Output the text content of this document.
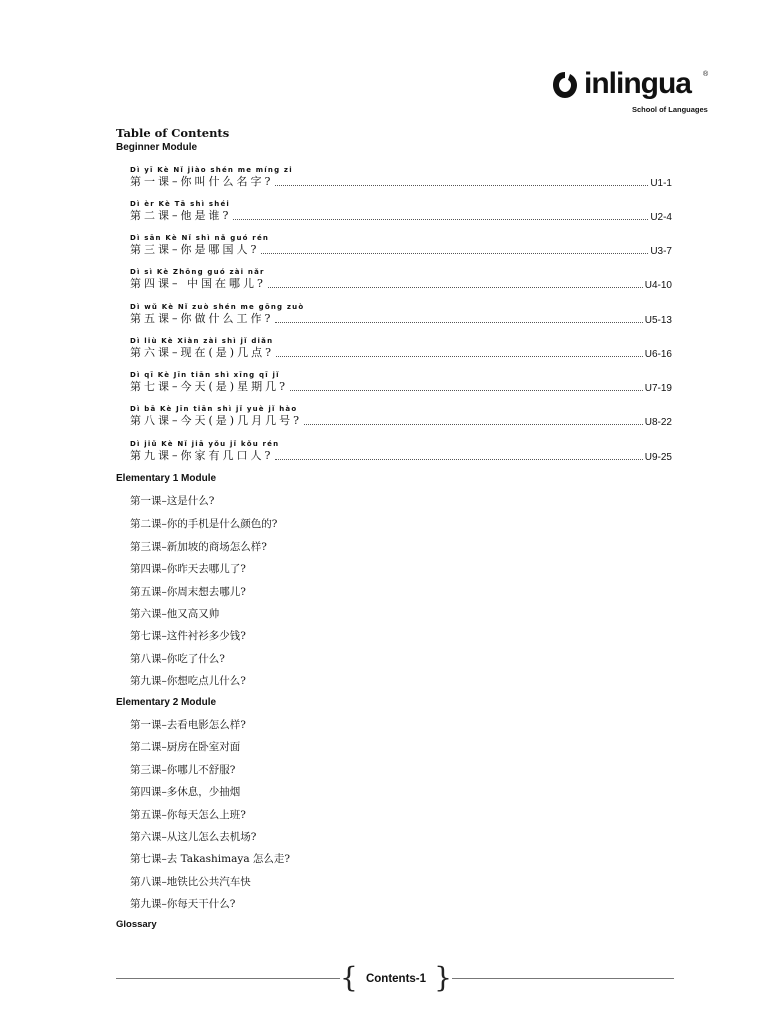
inlingua ®
School of Languages
Table of Contents
Beginner Module
Dì yī Kè Nǐ jiào shén me míng zi
第一课–你叫什么名字?	U1-1
Dì èr Kè Tā shì shéi
第二课–他是谁?	U2-4
Dì sān Kè Nǐ shì nǎ guó rén
第三课–你是哪国人?	U3-7
Dì sì Kè Zhōng guó zài nǎr
第四课– 中国在哪儿?	U4-10
Dì wǔ Kè Nǐ zuò shén me gōng zuò
第五课–你做什么工作?	U5-13
Dì liù Kè Xiàn zài shì jǐ diǎn
第六课–现在(是)几点?	U6-16
Dì qī Kè Jīn tiān shì xīng qī jǐ
第七课–今天(是)星期几?	U7-19
Dì bā Kè Jīn tiān shì jǐ yuè jǐ hào
第八课–今天(是)几月几号?	U8-22
Dì jiǔ Kè Nǐ jiā yǒu jǐ kǒu rén
第九课–你家有几口人?	U9-25
Elementary 1 Module
第一课–这是什么?
第二课–你的手机是什么颜色的?
第三课–新加坡的商场怎么样?
第四课–你昨天去哪儿了?
第五课–你周末想去哪儿?
第六课–他又高又帅
第七课–这件衬衫多少钱?
第八课–你吃了什么?
第九课–你想吃点儿什么?
Elementary 2 Module
第一课–去看电影怎么样?
第二课–厨房在卧室对面
第三课–你哪儿不舒服?
第四课–多休息，少抽烟
第五课–你每天怎么上班?
第六课–从这儿怎么去机场?
第七课–去 Takashimaya 怎么走?
第八课–地铁比公共汽车快
第九课–你每天干什么?
Glossary
{ Contents-1 }
